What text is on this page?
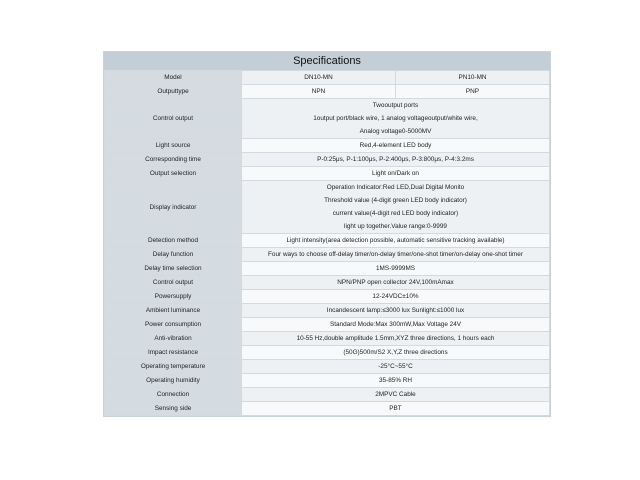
Specifications
Model	DN10-MN	PN10-MN
Outputtype	NPN	PNP
Control output	Twooutput ports
1output port/black wire, 1 analog voltageoutput/white wire,
Analog voltage0-5000MV	

Light source	Red,4-element LED body	

Corresponding time	P-0:25μs, P-1:100μs, P-2:400μs, P-3:800μs, P-4:3.2ms	

Output selection	Light on/Dark on	

Display indicator	Operation Indicator:Red LED,Dual Digital Monito
Threshold value (4-digit green LED body indicator)
current value(4-digit red LED body indicator)
light up together.Value range:0-9999	

Detection method	Light intensity(area detection possible, automatic sensitive tracking available)	

Delay function	Four ways to choose off-delay timer/on-delay timer/one-shot timer/on-delay one-shot timer	

Delay time selection	1MS-9999MS	

Control output	NPN/PNP open collector 24V,100mAmax	

Powersupply	12-24VDC±10%	

Ambient luminance	Incandescent lamp:≤3000 lux Sunlight:≤1000 lux	

Power consumption	Standard Mode:Max 300mW,Max Voltage 24V	

Anti-vibration	10-55 Hz,double amplitude 1.5mm,XYZ three directions, 1 hours each	

Impact resistance	(50G)500m/S2 X,Y,Z three directions	

Operating temperature	-25°C~55°C	

Operating humidity	35-85% RH	

Connection	2MPVC Cable	

Sensing side	PBT	
